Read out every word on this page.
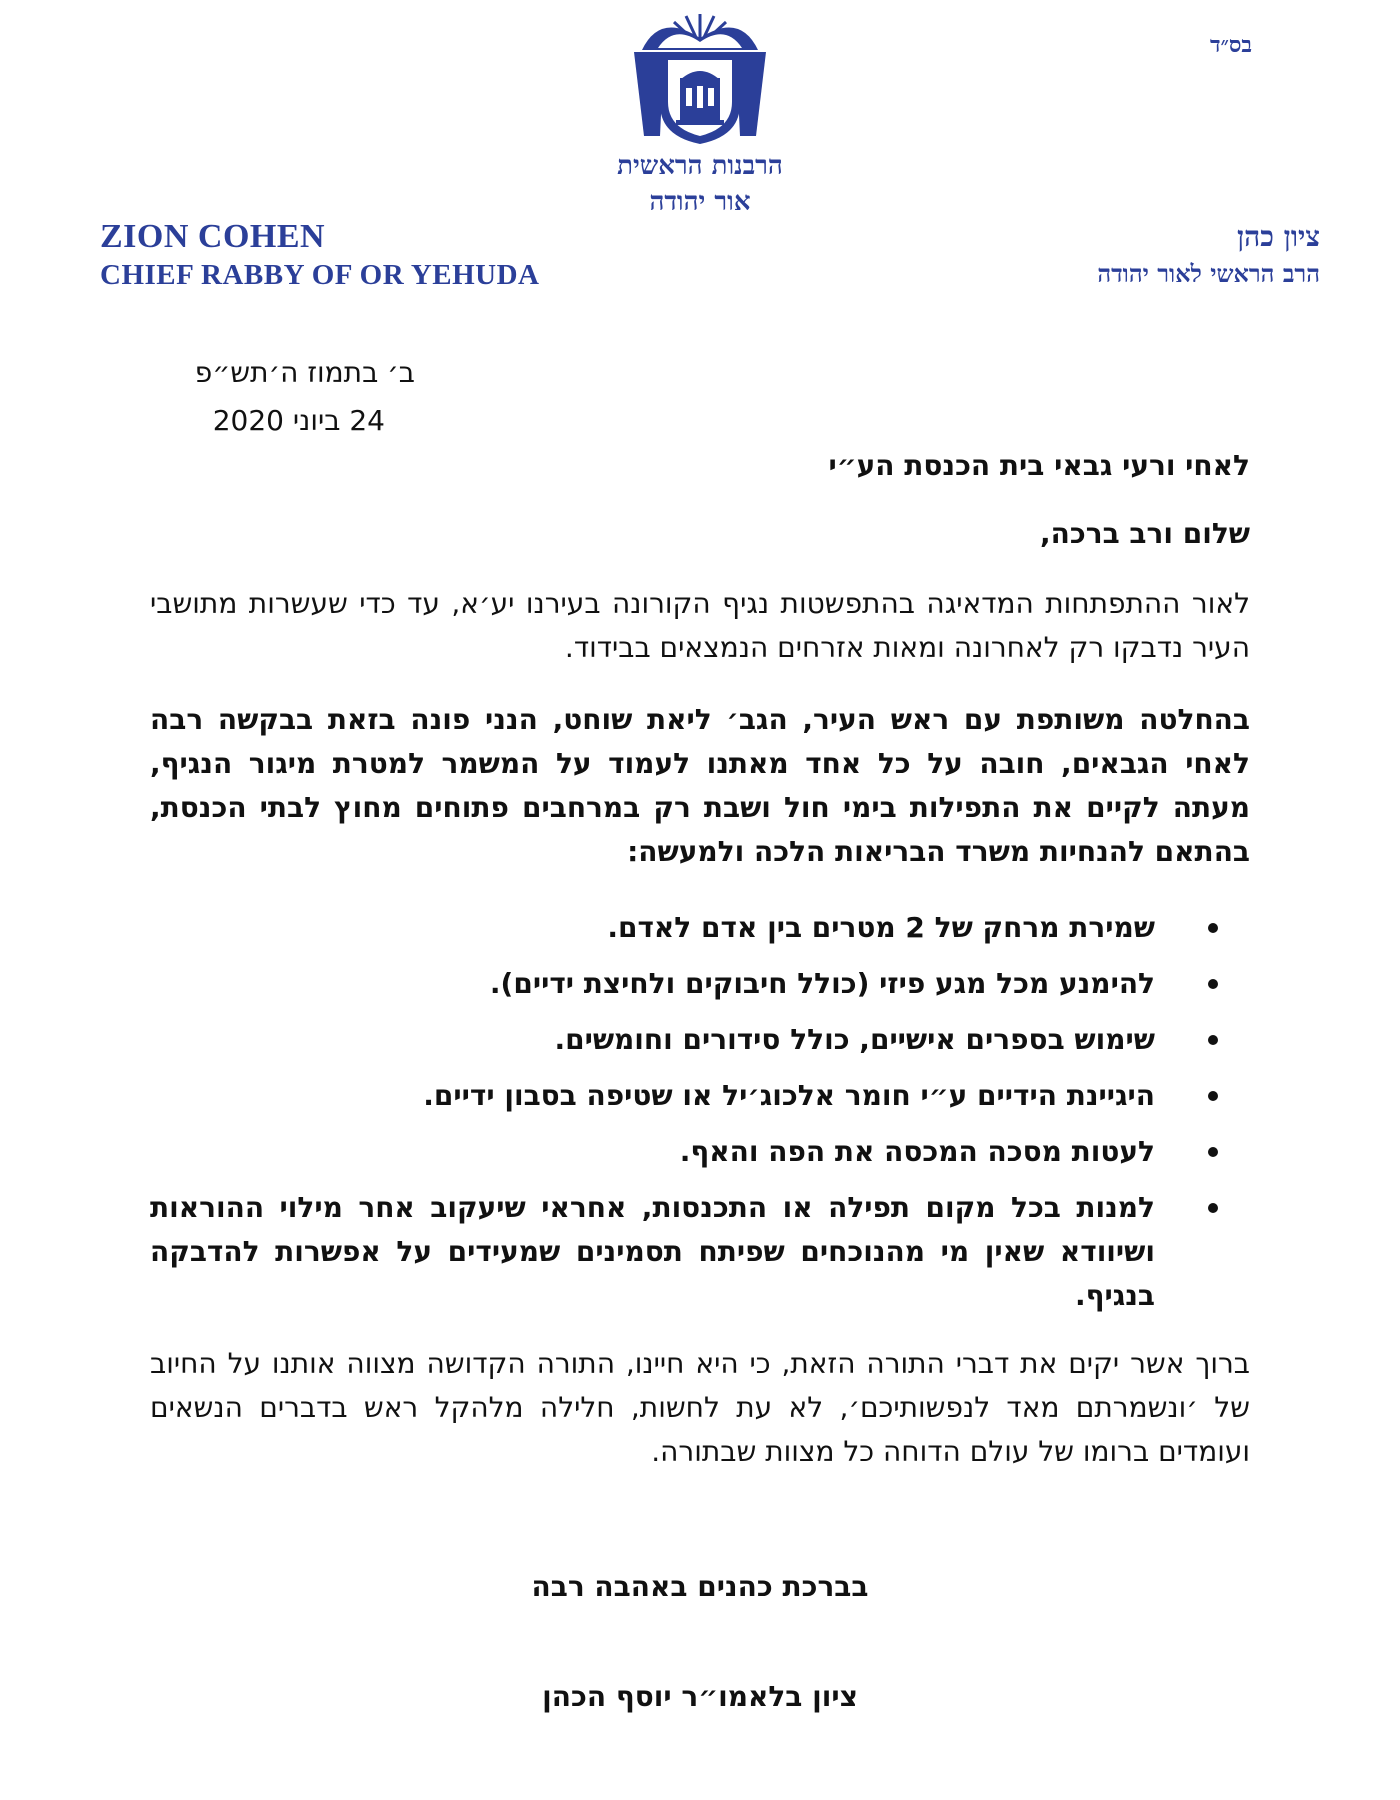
בס״ד
הרבנות הראשית
אור יהודה
ZION COHEN
CHIEF RABBY OF OR YEHUDA
ציון כהן
הרב הראשי לאור יהודה
ב׳ בתמוז ה׳תש״פ
24 ביוני 2020
לאחי ורעי גבאי בית הכנסת הע״י
שלום ורב ברכה,
לאור ההתפתחות המדאיגה בהתפשטות נגיף הקורונה בעירנו יע׳א, עד כדי שעשרות מתושבי העיר נדבקו רק לאחרונה ומאות אזרחים הנמצאים בבידוד.
בהחלטה משותפת עם ראש העיר, הגב׳ ליאת שוחט, הנני פונה בזאת בבקשה רבה לאחי הגבאים, חובה על כל אחד מאתנו לעמוד על המשמר למטרת מיגור הנגיף, מעתה לקיים את התפילות בימי חול ושבת רק במרחבים פתוחים מחוץ לבתי הכנסת, בהתאם להנחיות משרד הבריאות הלכה ולמעשה:
שמירת מרחק של 2 מטרים בין אדם לאדם.
להימנע מכל מגע פיזי (כולל חיבוקים ולחיצת ידיים).
שימוש בספרים אישיים, כולל סידורים וחומשים.
היגיינת הידיים ע״י חומר אלכוג׳יל או שטיפה בסבון ידיים.
לעטות מסכה המכסה את הפה והאף.
למנות בכל מקום תפילה או התכנסות, אחראי שיעקוב אחר מילוי ההוראות ושיוודא שאין מי מהנוכחים שפיתח תסמינים שמעידים על אפשרות להדבקה בנגיף.
ברוך אשר יקים את דברי התורה הזאת, כי היא חיינו, התורה הקדושה מצווה אותנו על החיוב של ׳ונשמרתם מאד לנפשותיכם׳, לא עת לחשות, חלילה מלהקל ראש בדברים הנשאים ועומדים ברומו של עולם הדוחה כל מצוות שבתורה.
בברכת כהנים באהבה רבה
ציון בלאמו״ר יוסף הכהן
